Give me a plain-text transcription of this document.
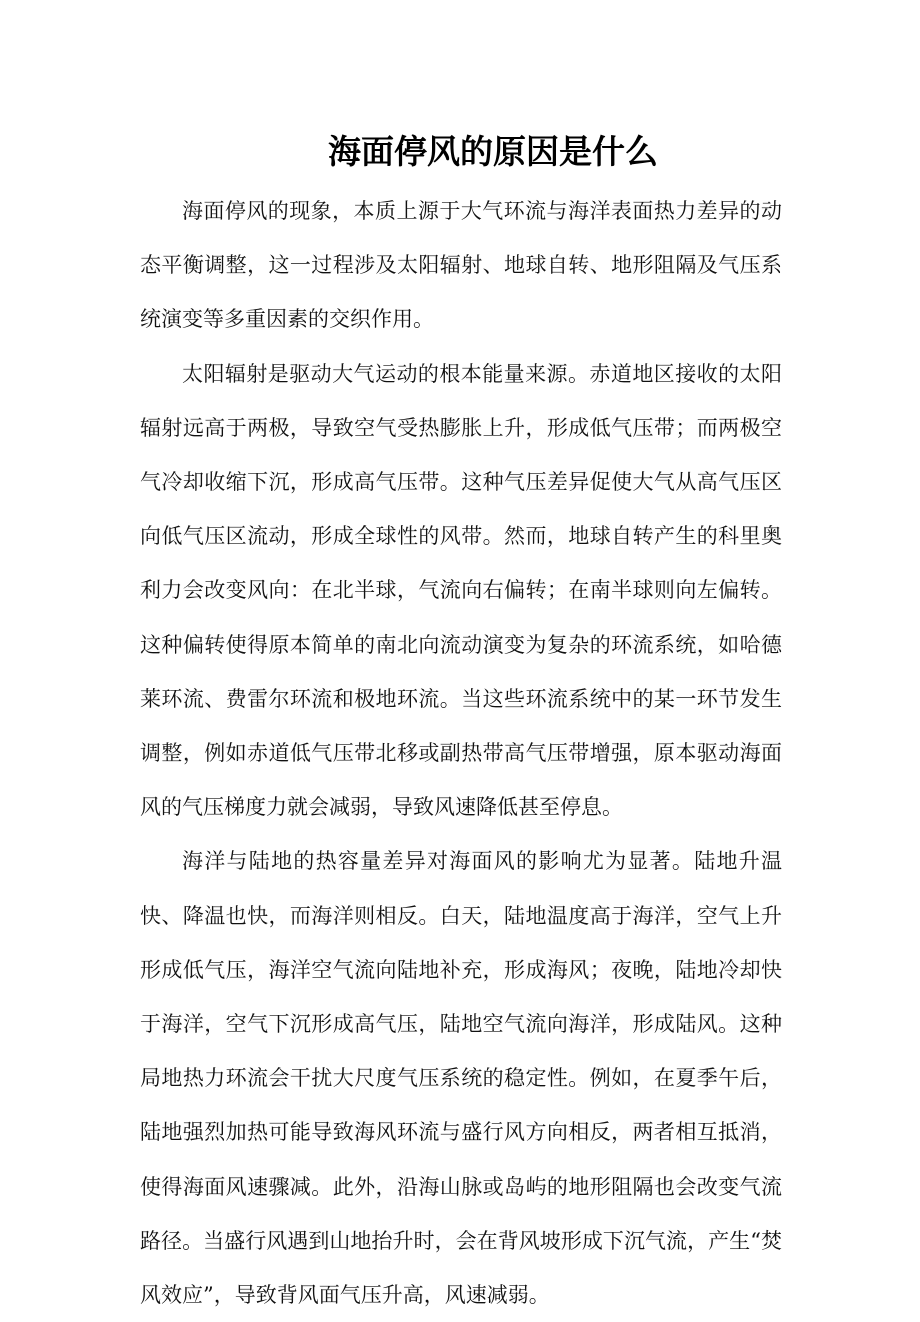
海面停风的原因是什么

海面停风的现象，本质上源于大气环流与海洋表面热力差异的动态平衡调整，这一过程涉及太阳辐射、地球自转、地形阻隔及气压系统演变等多重因素的交织作用。

太阳辐射是驱动大气运动的根本能量来源。赤道地区接收的太阳辐射远高于两极，导致空气受热膨胀上升，形成低气压带；而两极空气冷却收缩下沉，形成高气压带。这种气压差异促使大气从高气压区向低气压区流动，形成全球性的风带。然而，地球自转产生的科里奥利力会改变风向：在北半球，气流向右偏转；在南半球则向左偏转。这种偏转使得原本简单的南北向流动演变为复杂的环流系统，如哈德莱环流、费雷尔环流和极地环流。当这些环流系统中的某一环节发生调整，例如赤道低气压带北移或副热带高气压带增强，原本驱动海面风的气压梯度力就会减弱，导致风速降低甚至停息。

海洋与陆地的热容量差异对海面风的影响尤为显著。陆地升温快、降温也快，而海洋则相反。白天，陆地温度高于海洋，空气上升形成低气压，海洋空气流向陆地补充，形成海风；夜晚，陆地冷却快于海洋，空气下沉形成高气压，陆地空气流向海洋，形成陆风。这种局地热力环流会干扰大尺度气压系统的稳定性。例如，在夏季午后，陆地强烈加热可能导致海风环流与盛行风方向相反，两者相互抵消，使得海面风速骤减。此外，沿海山脉或岛屿的地形阻隔也会改变气流路径。当盛行风遇到山地抬升时，会在背风坡形成下沉气流，产生“焚风效应”，导致背风面气压升高，风速减弱。
